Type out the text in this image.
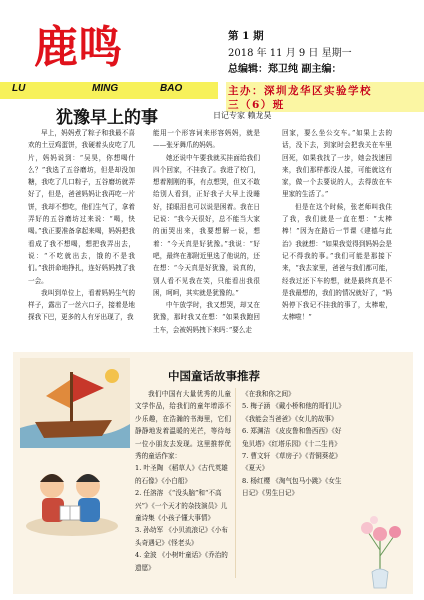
鹿鸣
LU	MING	BAO
第 1 期
2018 年 11 月 9 日 星期一
总编辑：郑卫纯 副主编：
主办：深圳龙华区实验学校
三（6）班
犹豫早上的事	日记专家 赖龙昊

早上，妈妈煮了粽子和我最不喜欢的土豆鸡蛋饼，我硬着头皮吃了几片，妈妈说到：“吴昊，你想喝什么？”我选了五谷磨坊，但是却没加糖，我吃了几口粽子，五谷磨坊就弄好了，但是，爸爸妈妈让我再吃一片饼，我却不想吃，他们生气了，拿着弄好的五谷磨坊过来说：“喝，快喝。”我正要准备拿起来喝，妈妈把我看成了我不想喝，想把我弄出去，说：“不吃就出去，饿的不是我们。”我拼命地挣扎，连好妈妈拽了我一会。

我叫到单位上，看着妈妈生气的样子，露出了一丝六口子，接着是地探我下巴，更多的人有牙出现了，我

能用一个形容词来形容妈妈，就是——张牙舞爪的妈妈。

她还说中午要我就买挂面给我们四个回家，不挂我了。我进了校门，想着刚刚的事，有点想哭，但又不敢给别人看到，正好我子大早上没睡好，揉眼泪也可以说是困着。我在日记说：“我今天很好，总不能当大家的面哭出来，我要想解一说，想着：“今天真是好犹豫。”我说：“好吧，最终在那附近里选了他说的，还在想：“今天真是好犹豫，说真的，别人看不见我在笑，只能看出我很困，呵呵，其实就是犹豫的。”

中午放学时，我又想哭，却又在犹豫，那时我又在想：“如果我跑回土车，会被妈妈拽下来吗：”要么走

回家，要么坐公交车。”如果上去的话，没下去，到家时会把我关在车里回死，如果我找了一步，她会找速回来，我们那样都没人接，可能就这有家，做一个去要说的人，去得放在车里家的生活了。”

但是在这个时候，张老师叫我住了我，我们就是一直在想：“太棒棒！”因为在路后一节课《建德与此治》我就想：“如果我觉得到妈妈会是记不得我的事。”我们可能是那接下来，“我去家里，爸爸与我们都可能，经我过还下车的想，就是最终真是不是我最想的，我们的情况就好了，“妈妈停下我记不挂我的事了，太棒啦，太棒啦！”

中国童话故事推荐

我们中国有大量优秀的儿童文学作品，给我们的童年增添不少乐趣，在浩瀚的书海里，它们静静地发着温暖的光芒，等待每一位小朋友去发现。这里推荐优秀的童话作家：

1. 叶圣陶 《稻草人》《古代英雄的石像》《小白船》

2. 任溶溶 《“没头脑”和“不高兴”》《一个天才的杂技演员》儿童诗集《小孩子懂大事情》

3. 孙幼军 《小贝流浪记》《小布头奇遇记》《怪老头》

4. 金波 《小树叶童话》《乔治的遗愿》

《在我和你之间》

5. 梅子涵 《戴小桥和他的哥们儿》《我能会当爸爸》《女儿的故事》

6. 郑渊洁 《皮皮鲁和鲁西西》《好兔贝塔》《红塔乐园》《十二生肖》

7. 曹文轩 《草房子》《青铜葵花》《夏天》

8. 杨红樱 《淘气包马小跳》《女生日记》《男生日记》
